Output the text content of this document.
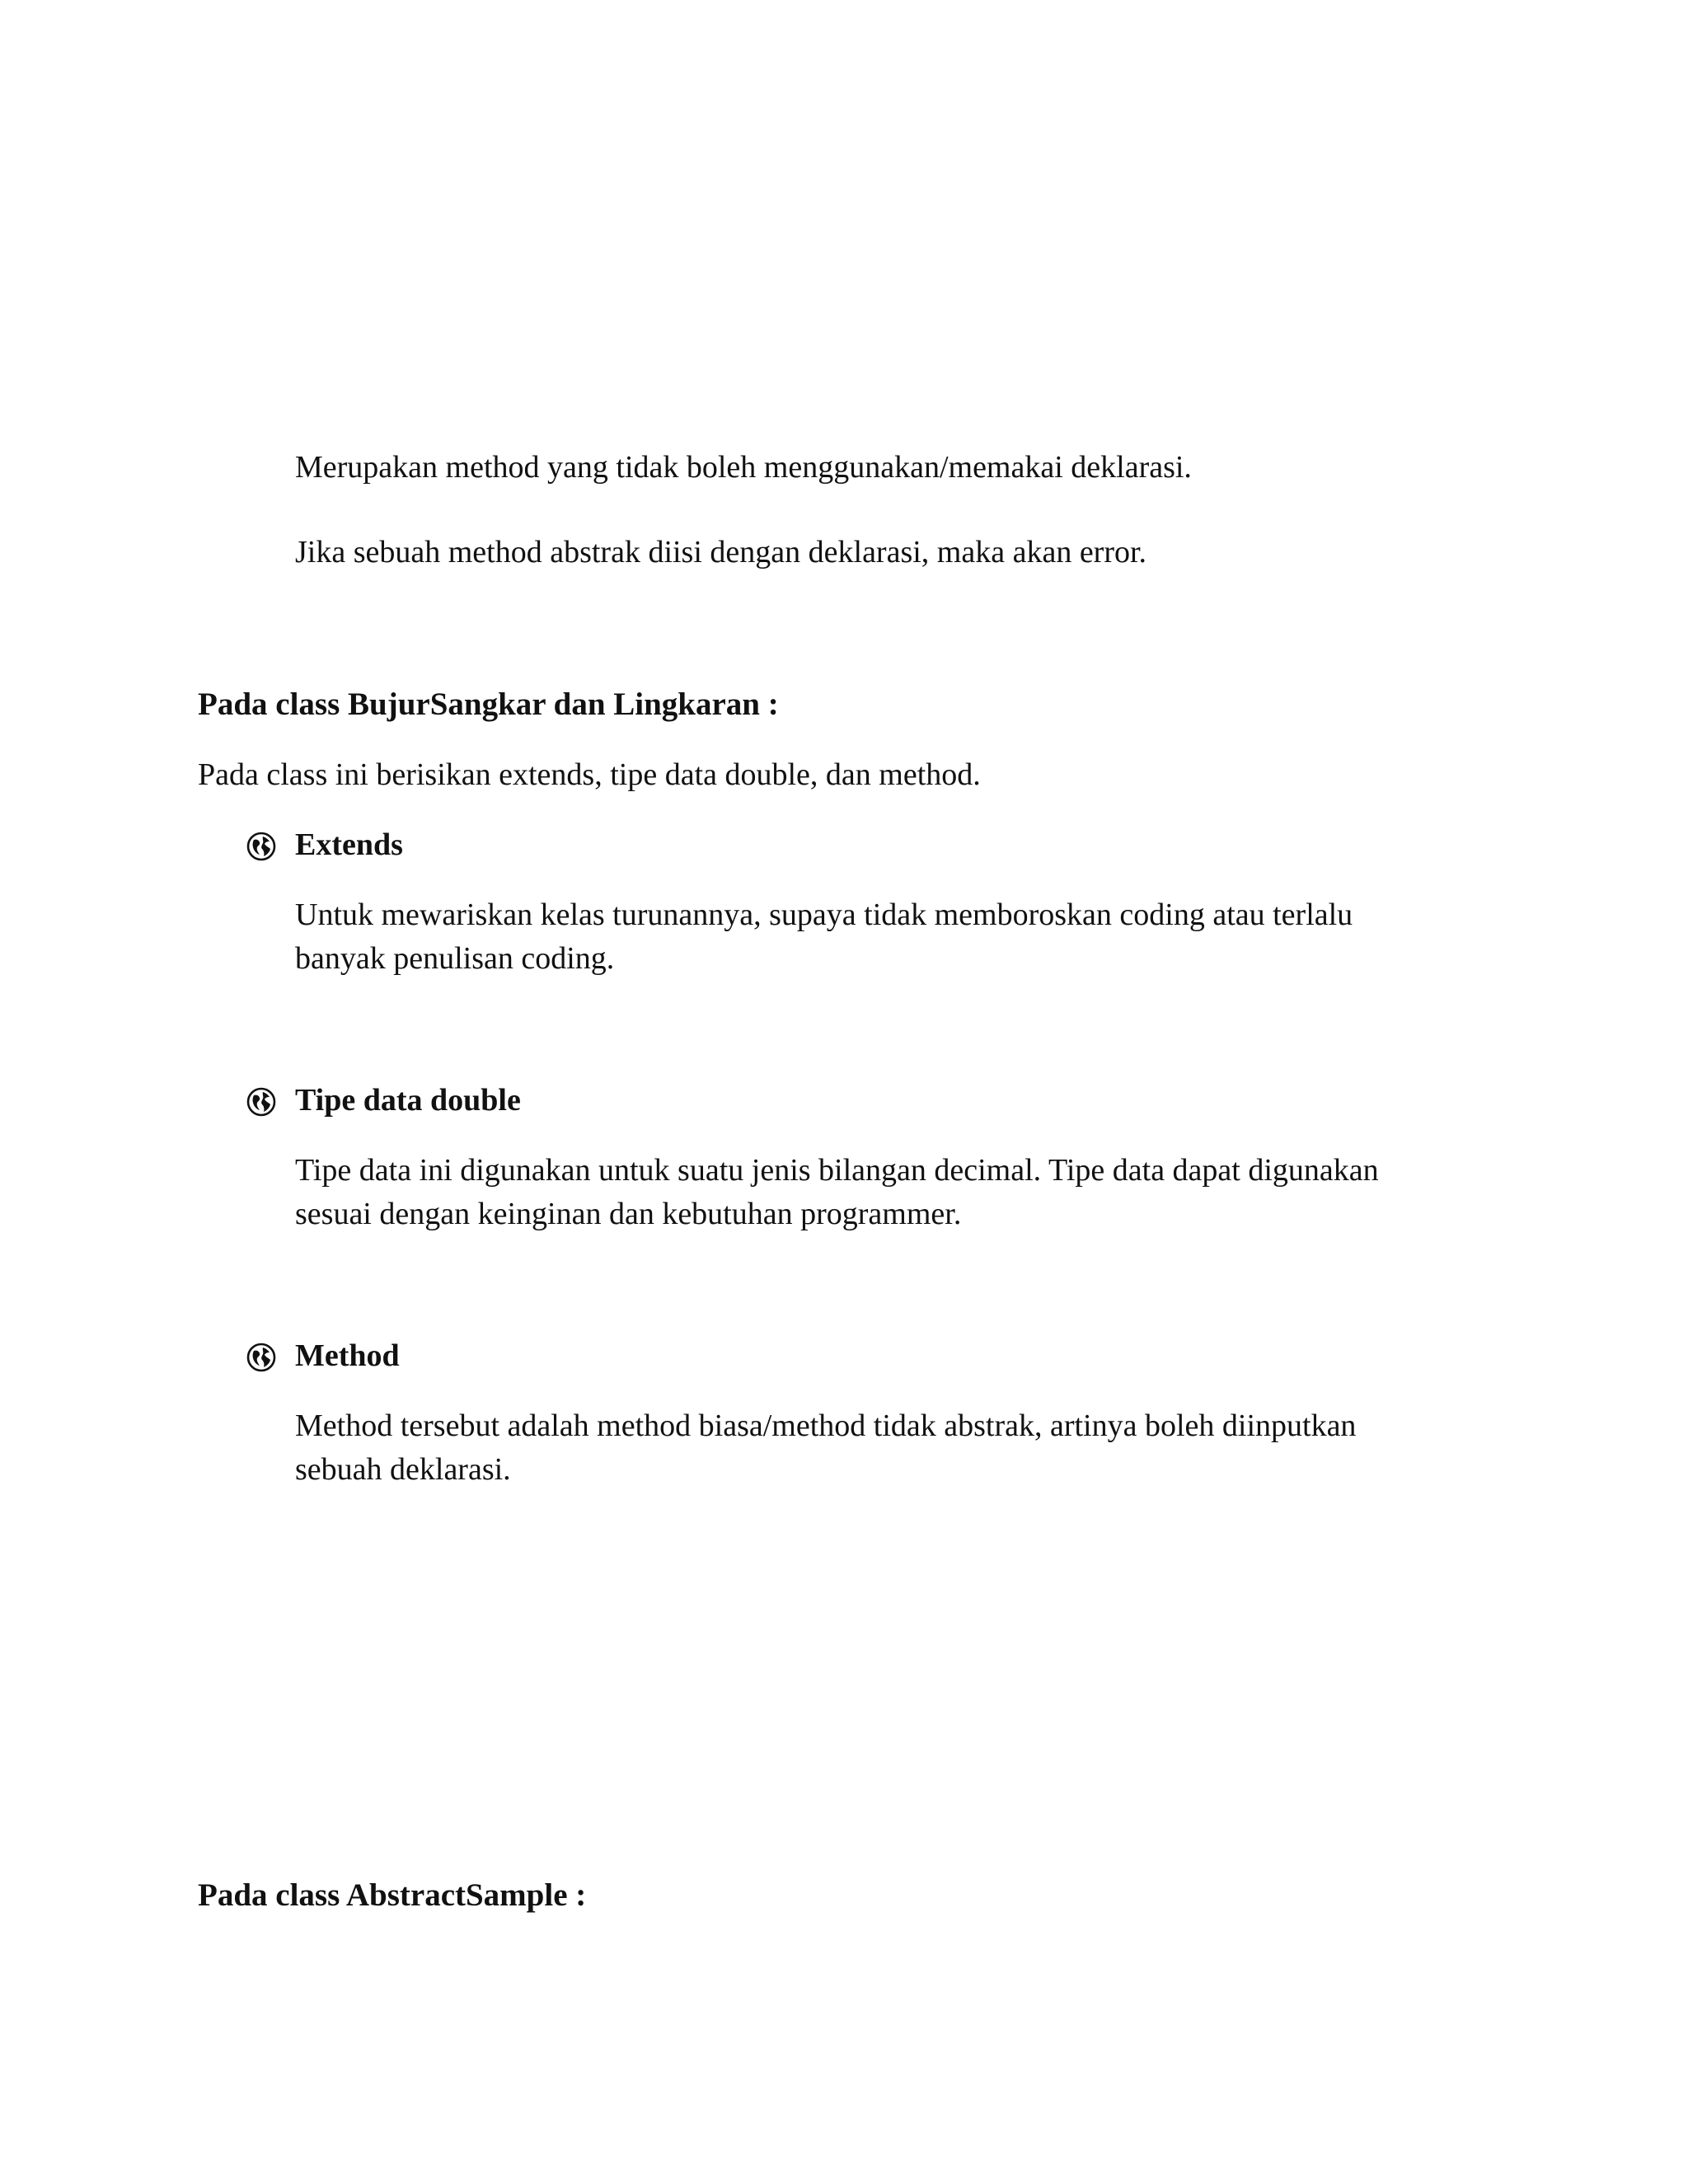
Merupakan method yang tidak boleh menggunakan/memakai deklarasi.

Jika sebuah method abstrak diisi dengan deklarasi, maka akan error.

Pada class BujurSangkar dan Lingkaran :

Pada class ini berisikan extends, tipe data double, dan method.

Extends

Untuk mewariskan kelas turunannya, supaya tidak memboroskan coding atau terlalu

banyak penulisan coding.

Tipe data double

Tipe data ini digunakan untuk suatu jenis bilangan decimal. Tipe data dapat digunakan

sesuai dengan keinginan dan kebutuhan programmer.

Method

Method tersebut adalah method biasa/method tidak abstrak, artinya boleh diinputkan

sebuah deklarasi.

Pada class AbstractSample :
